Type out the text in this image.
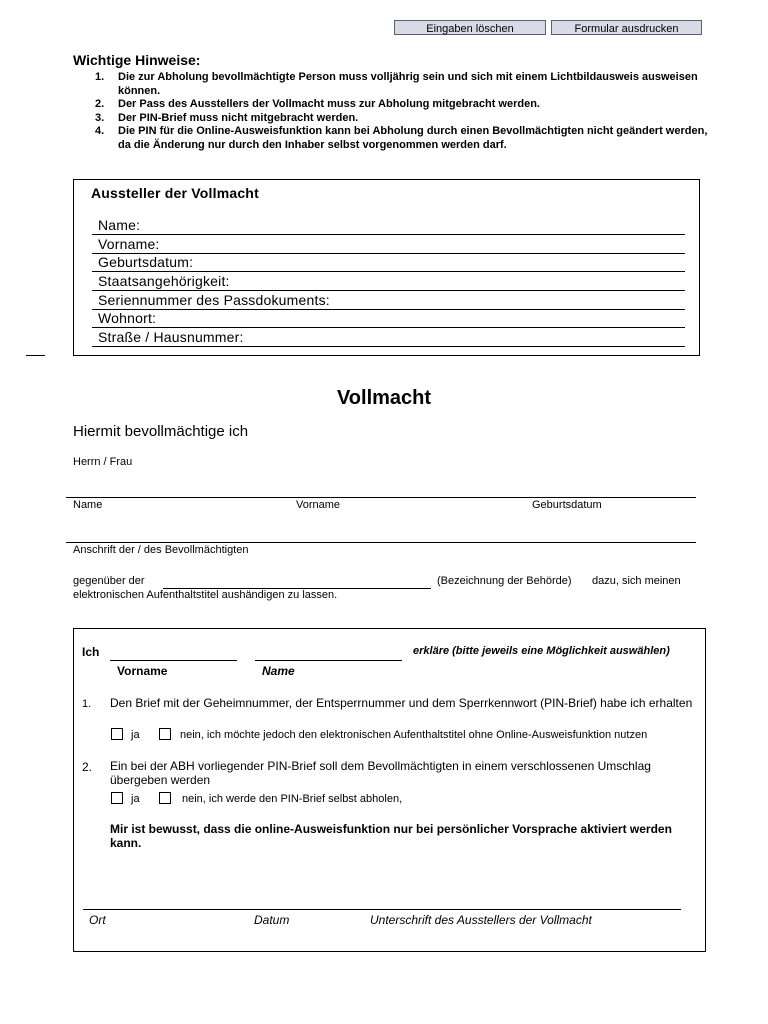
Eingaben löschen	Formular ausdrucken
Wichtige Hinweise:
1.	Die zur Abholung bevollmächtigte Person muss volljährig sein und sich mit einem Lichtbildausweis ausweisen können.
2.	Der Pass des Ausstellers der Vollmacht muss zur Abholung mitgebracht werden.
3.	Der PIN-Brief muss nicht mitgebracht werden.
4.	Die PIN für die Online-Ausweisfunktion kann bei Abholung durch einen Bevollmächtigten nicht geändert werden, da die Änderung nur durch den Inhaber selbst vorgenommen werden darf.
Aussteller der Vollmacht
Name:
Vorname:
Geburtsdatum:
Staatsangehörigkeit:
Seriennummer des Passdokuments:
Wohnort:
Straße / Hausnummer:
Vollmacht
Hiermit bevollmächtige ich
Herrn / Frau
Name	Vorname	Geburtsdatum
Anschrift der / des Bevollmächtigten
gegenüber der	(Bezeichnung der Behörde) dazu, sich meinen
elektronischen Aufenthaltstitel aushändigen zu lassen.
Ich
Vorname	Name
erkläre (bitte jeweils eine Möglichkeit auswählen)
1. Den Brief mit der Geheimnummer, der Entsperrnummer und dem Sperrkennwort (PIN-Brief) habe ich erhalten
ja	nein, ich möchte jedoch den elektronischen Aufenthaltstitel ohne Online-Ausweisfunktion nutzen
2. Ein bei der ABH vorliegender PIN-Brief soll dem Bevollmächtigten in einem verschlossenen Umschlag übergeben werden
ja	nein, ich werde den PIN-Brief selbst abholen,
Mir ist bewusst, dass die online-Ausweisfunktion nur bei persönlicher Vorsprache aktiviert werden kann.
Ort	Datum	Unterschrift des Ausstellers der Vollmacht
